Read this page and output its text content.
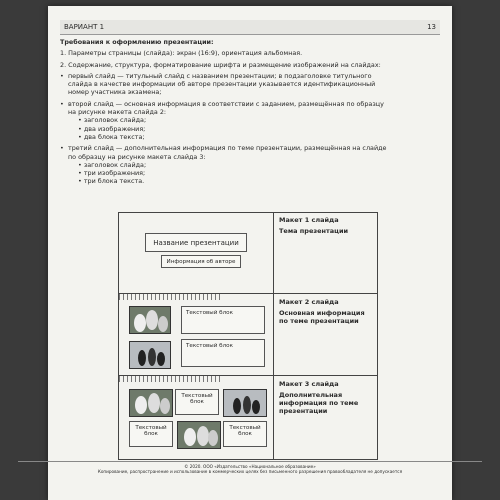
ВАРИАНТ 1	13
Требования к оформлению презентации:
1. Параметры страницы (слайда): экран (16:9), ориентация альбомная.
2. Содержание, структура, форматирование шрифта и размещение изображений на слайдах:
• первый слайд — титульный слайд с названием презентации; в подзаголовке титульного слайда в качестве информации об авторе презентации указывается идентификационный номер участника экзамена;
• второй слайд — основная информация в соответствии с заданием, размещённая по образцу на рисунке макета слайда 2:
• заголовок слайда;
• два изображения;
• два блока текста;
• третий слайд — дополнительная информация по теме презентации, размещённая на слайде по образцу на рисунке макета слайда 3:
• заголовок слайда;
• три изображения;
• три блока текста.
Макет 1 слайда
Тема презентации
Название презентации
Информация об авторе
Макет 2 слайда
Основная информация по теме презентации
Текстовый блок
Текстовый блок
Макет 3 слайда
Дополнительная информация по теме презентации
Текстовый блок
Текстовый блок
Текстовый блок
© 2020. ООО «Издательство «Национальное образование»
Копирование, распространение и использование в коммерческих целях без письменного разрешения правообладателя не допускается
